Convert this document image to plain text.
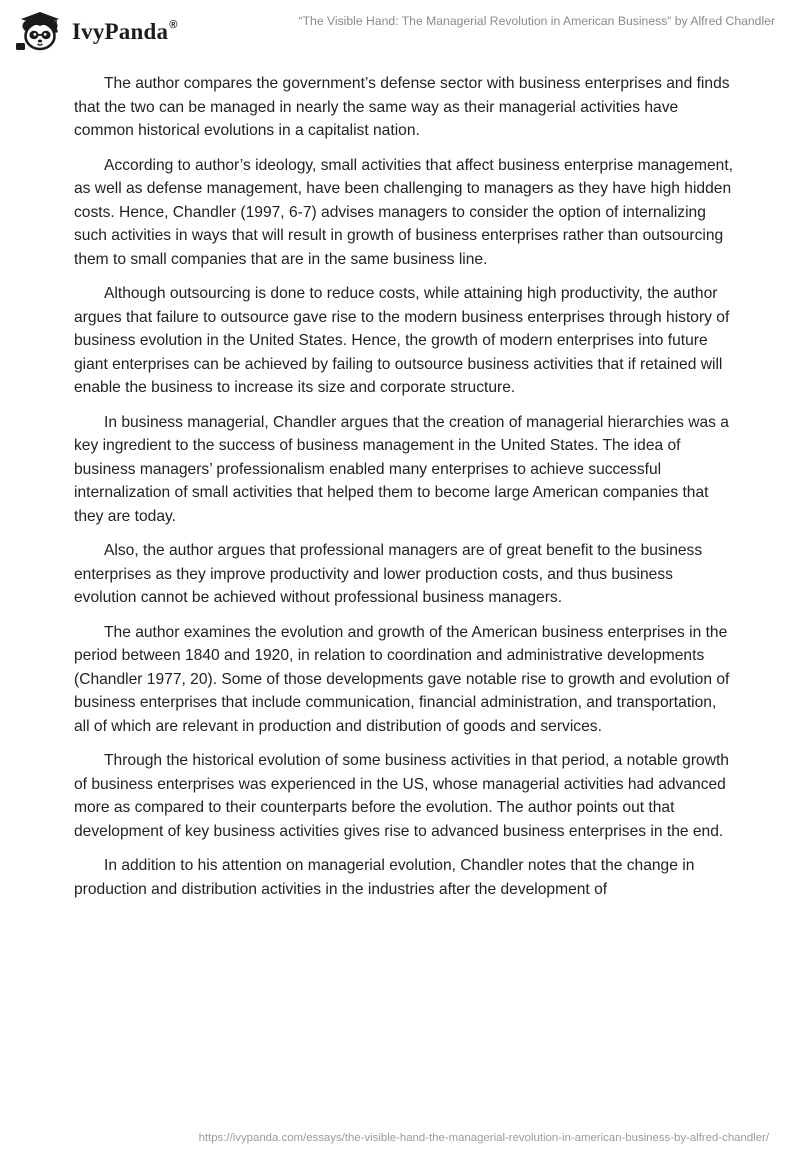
IvyPanda®	“The Visible Hand: The Managerial Revolution in American Business” by Alfred Chandler

The author compares the government’s defense sector with business enterprises and finds that the two can be managed in nearly the same way as their managerial activities have common historical evolutions in a capitalist nation.

According to author’s ideology, small activities that affect business enterprise management, as well as defense management, have been challenging to managers as they have high hidden costs. Hence, Chandler (1997, 6-7) advises managers to consider the option of internalizing such activities in ways that will result in growth of business enterprises rather than outsourcing them to small companies that are in the same business line.

Although outsourcing is done to reduce costs, while attaining high productivity, the author argues that failure to outsource gave rise to the modern business enterprises through history of business evolution in the United States. Hence, the growth of modern enterprises into future giant enterprises can be achieved by failing to outsource business activities that if retained will enable the business to increase its size and corporate structure.

In business managerial, Chandler argues that the creation of managerial hierarchies was a key ingredient to the success of business management in the United States. The idea of business managers’ professionalism enabled many enterprises to achieve successful internalization of small activities that helped them to become large American companies that they are today.

Also, the author argues that professional managers are of great benefit to the business enterprises as they improve productivity and lower production costs, and thus business evolution cannot be achieved without professional business managers.

The author examines the evolution and growth of the American business enterprises in the period between 1840 and 1920, in relation to coordination and administrative developments (Chandler 1977, 20). Some of those developments gave notable rise to growth and evolution of business enterprises that include communication, financial administration, and transportation, all of which are relevant in production and distribution of goods and services.

Through the historical evolution of some business activities in that period, a notable growth of business enterprises was experienced in the US, whose managerial activities had advanced more as compared to their counterparts before the evolution. The author points out that development of key business activities gives rise to advanced business enterprises in the end.

In addition to his attention on managerial evolution, Chandler notes that the change in production and distribution activities in the industries after the development of

https://ivypanda.com/essays/the-visible-hand-the-managerial-revolution-in-american-business-by-alfred-chandler/
